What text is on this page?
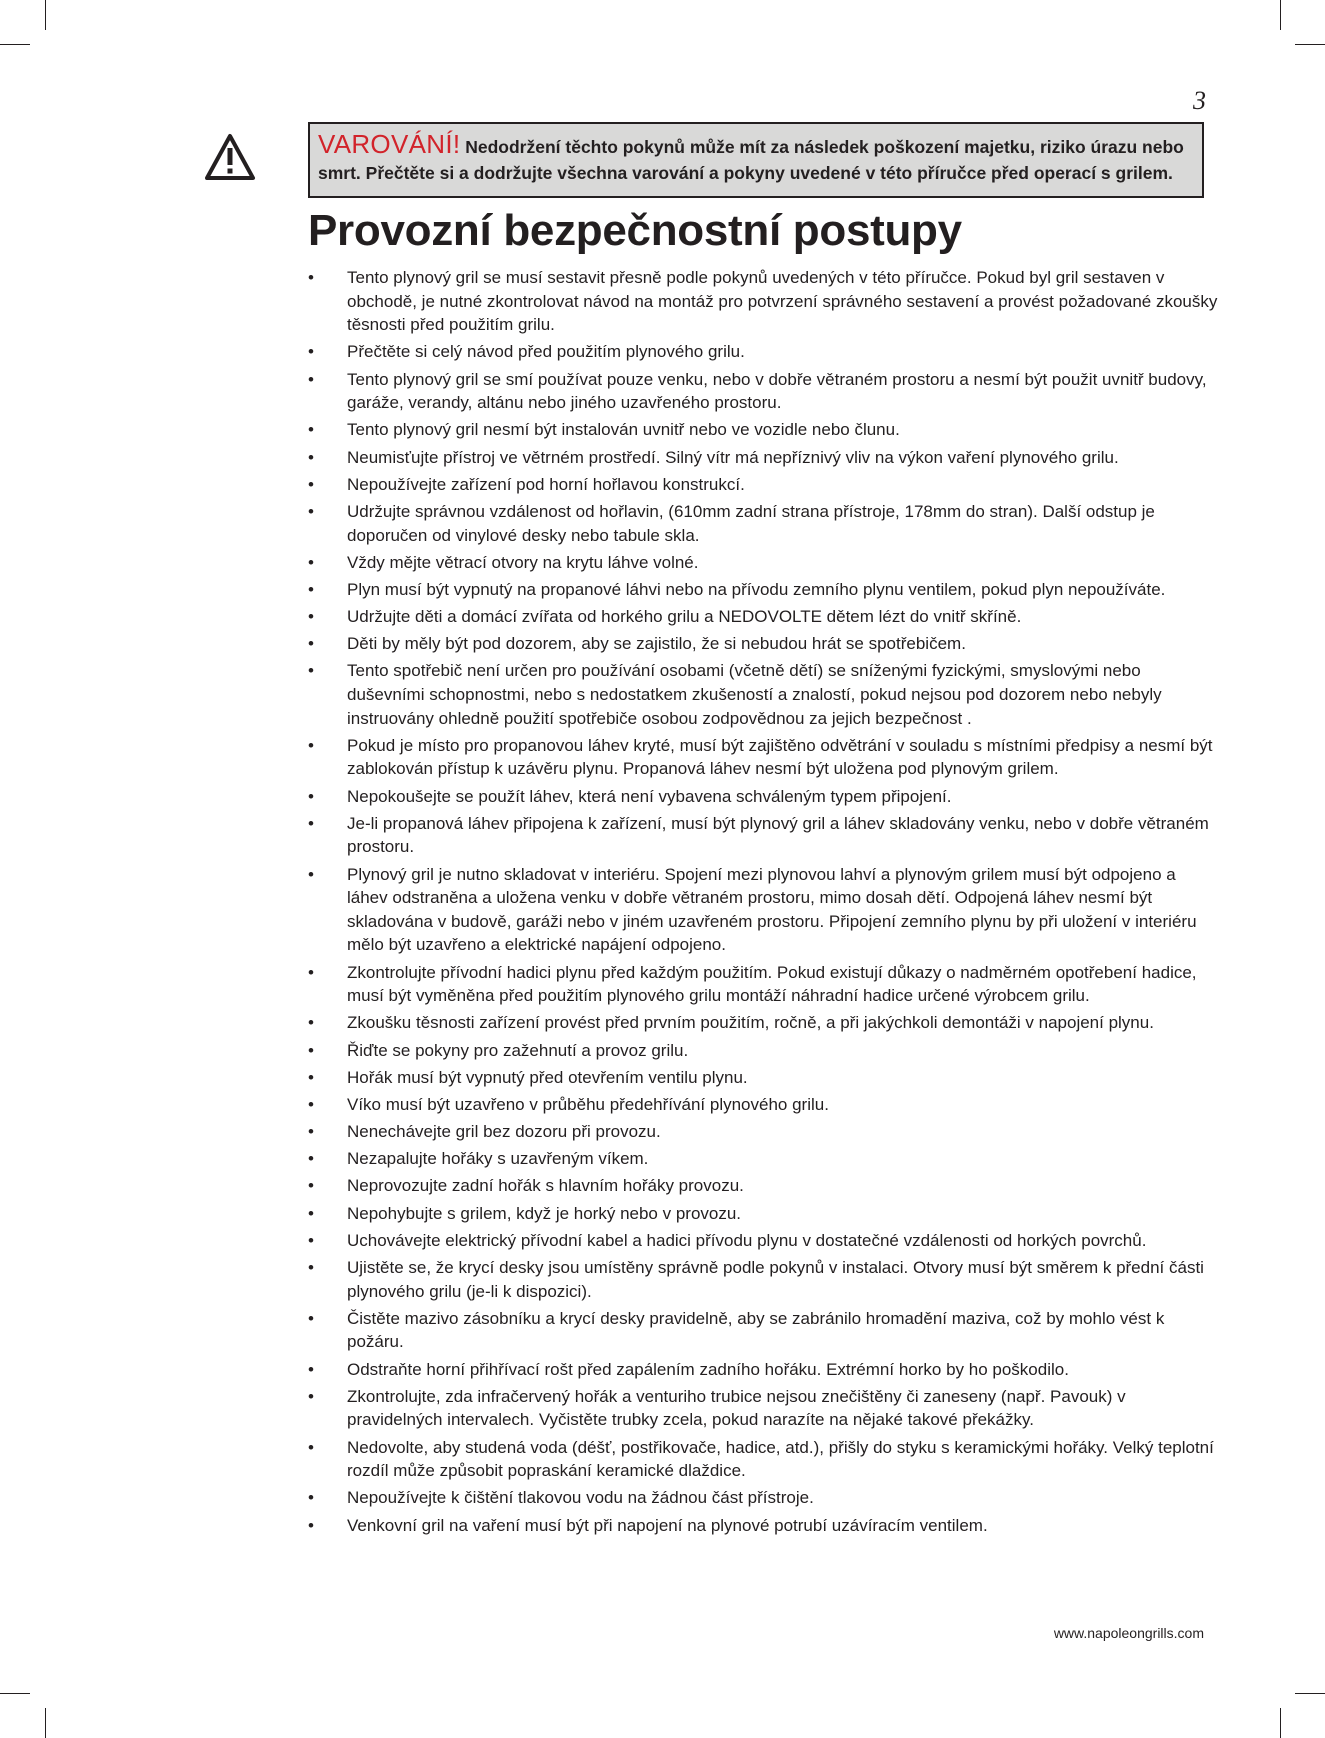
3
VAROVÁNÍ! Nedodržení těchto pokynů může mít za následek poškození majetku, riziko úrazu nebo smrt. Přečtěte si a dodržujte všechna varování a pokyny uvedené v této příručce před operací s grilem.
Provozní bezpečnostní postupy
• Tento plynový gril se musí sestavit přesně podle pokynů uvedených v této příručce. Pokud byl gril sestaven v obchodě, je nutné zkontrolovat návod na montáž pro potvrzení správného sestavení a provést požadované zkoušky těsnosti před použitím grilu.
• Přečtěte si celý návod před použitím plynového grilu.
• Tento plynový gril se smí používat pouze venku, nebo v dobře větraném prostoru a nesmí být použit uvnitř budovy, garáže, verandy, altánu nebo jiného uzavřeného prostoru.
• Tento plynový gril nesmí být instalován uvnitř nebo ve vozidle nebo člunu.
• Neumisťujte přístroj ve větrném prostředí. Silný vítr má nepříznivý vliv na výkon vaření plynového grilu.
• Nepoužívejte zařízení pod horní hořlavou konstrukcí.
• Udržujte správnou vzdálenost od hořlavin, (610mm zadní strana přístroje, 178mm do stran). Další odstup je doporučen od vinylové desky nebo tabule skla.
• Vždy mějte větrací otvory na krytu láhve volné.
• Plyn musí být vypnutý na propanové láhvi nebo na přívodu zemního plynu ventilem, pokud plyn nepoužíváte.
• Udržujte děti a domácí zvířata od horkého grilu a NEDOVOLTE dětem lézt do vnitř skříně.
• Děti by měly být pod dozorem, aby se zajistilo, že si nebudou hrát se spotřebičem.
• Tento spotřebič není určen pro používání osobami (včetně dětí) se sníženými fyzickými, smyslovými nebo duševními schopnostmi, nebo s nedostatkem zkušeností a znalostí, pokud nejsou pod dozorem nebo nebyly instruovány ohledně použití spotřebiče osobou zodpovědnou za jejich bezpečnost .
• Pokud je místo pro propanovou láhev kryté, musí být zajištěno odvětrání v souladu s místními předpisy a nesmí být zablokován přístup k uzávěru plynu. Propanová láhev nesmí být uložena pod plynovým grilem.
• Nepokoušejte se použít láhev, která není vybavena schváleným typem připojení.
• Je-li propanová láhev připojena k zařízení, musí být plynový gril a láhev skladovány venku, nebo v dobře větraném prostoru.
• Plynový gril je nutno skladovat v interiéru. Spojení mezi plynovou lahví a plynovým grilem musí být odpojeno a láhev odstraněna a uložena venku v dobře větraném prostoru, mimo dosah dětí. Odpojená láhev nesmí být skladována v budově, garáži nebo v jiném uzavřeném prostoru. Připojení zemního plynu by při uložení v interiéru mělo být uzavřeno a elektrické napájení odpojeno.
• Zkontrolujte přívodní hadici plynu před každým použitím. Pokud existují důkazy o nadměrném opotřebení hadice, musí být vyměněna před použitím plynového grilu montáží náhradní hadice určené výrobcem grilu.
• Zkoušku těsnosti zařízení provést před prvním použitím, ročně, a při jakýchkoli demontáži v napojení plynu.
• Řiďte se pokyny pro zažehnutí a provoz grilu.
• Hořák musí být vypnutý před otevřením ventilu plynu.
• Víko musí být uzavřeno v průběhu předehřívání plynového grilu.
• Nenechávejte gril bez dozoru při provozu.
• Nezapalujte hořáky s uzavřeným víkem.
• Neprovozujte zadní hořák s hlavním hořáky provozu.
• Nepohybujte s grilem, když je horký nebo v provozu.
• Uchovávejte elektrický přívodní kabel a hadici přívodu plynu v dostatečné vzdálenosti od horkých povrchů.
• Ujistěte se, že krycí desky jsou umístěny správně podle pokynů v instalaci. Otvory musí být směrem k přední části plynového grilu (je-li k dispozici).
• Čistěte mazivo zásobníku a krycí desky pravidelně, aby se zabránilo hromadění maziva, což by mohlo vést k požáru.
• Odstraňte horní přihřívací rošt před zapálením zadního hořáku. Extrémní horko by ho poškodilo.
• Zkontrolujte, zda infračervený hořák a venturiho trubice nejsou znečištěny či zaneseny (např. Pavouk) v pravidelných intervalech. Vyčistěte trubky zcela, pokud narazíte na nějaké takové překážky.
• Nedovolte, aby studená voda (déšť, postřikovače, hadice, atd.), přišly do styku s keramickými hořáky. Velký teplotní rozdíl může způsobit popraskání keramické dlaždice.
• Nepoužívejte k čištění tlakovou vodu na žádnou část přístroje.
• Venkovní gril na vaření musí být při napojení na plynové potrubí uzávíracím ventilem.
www.napoleongrills.com
